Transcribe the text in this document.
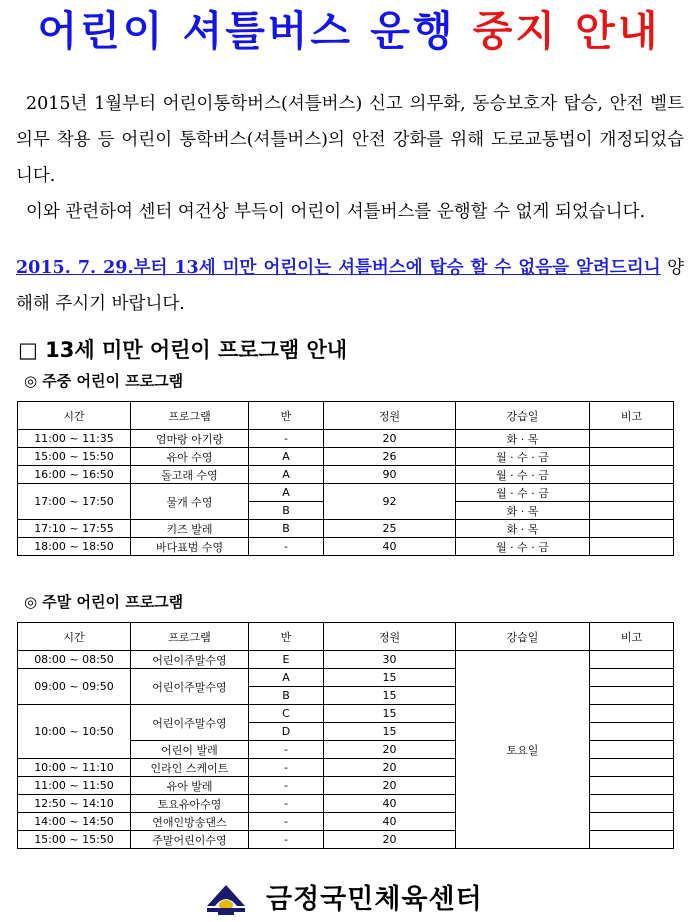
어린이 셔틀버스 운행 중지 안내
2015년 1월부터 어린이통학버스(셔틀버스) 신고 의무화, 동승보호자 탑승, 안전 벨트 의무 착용 등 어린이 통학버스(셔틀버스)의 안전 강화를 위해 도로교통법이 개정되었습니다.
이와 관련하여 센터 여건상 부득이 어린이 셔틀버스를 운행할 수 없게 되었습니다.
2015. 7. 29.부터 13세 미만 어린이는 셔틀버스에 탑승 할 수 없음을 알려드리니 양해해 주시기 바랍니다.
□ 13세 미만 어린이 프로그램 안내
◎ 주중 어린이 프로그램
시간	프로그램	반	정원	강습일	비고
11:00 ~ 11:35	엄마랑 아기랑	-	20	화 · 목	
15:00 ~ 15:50	유아 수영	A	26	월 · 수 · 금	
16:00 ~ 16:50	돌고래 수영	A	90	월 · 수 · 금	
17:00 ~ 17:50	물개 수영	A	92	월 · 수 · 금	
		B		화 · 목	
17:10 ~ 17:55	키즈 발레	B	25	화 · 목	
18:00 ~ 18:50	바다표범 수영	-	40	월 · 수 · 금	
◎ 주말 어린이 프로그램
시간	프로그램	반	정원	강습일	비고
08:00 ~ 08:50	어린이주말수영	E	30	토요일	
09:00 ~ 09:50	어린이주말수영	A	15		
		B	15		
10:00 ~ 10:50	어린이주말수영	C	15		
		D	15		
	어린이 발레	-	20		
10:00 ~ 11:10	인라인 스케이트	-	20		
11:00 ~ 11:50	유아 발레	-	20		
12:50 ~ 14:10	토요유아수영	-	40		
14:00 ~ 14:50	연애인방송댄스	-	40		
15:00 ~ 15:50	주말어린이수영	-	20		
금정국민체육센터
